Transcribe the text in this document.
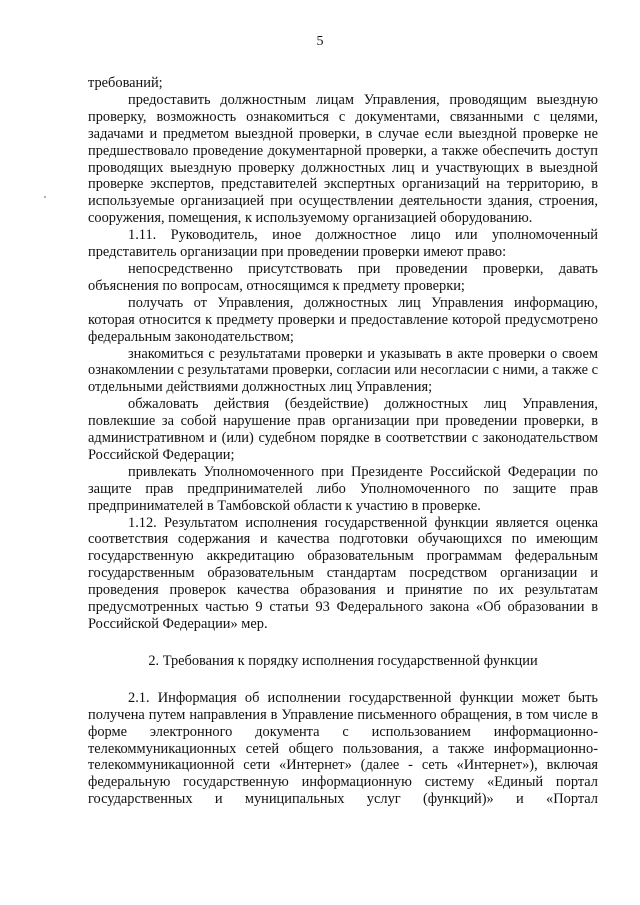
5

требований;

предоставить должностным лицам Управления, проводящим выездную проверку, возможность ознакомиться с документами, связанными с целями, задачами и предметом выездной проверки, в случае если выездной проверке не предшествовало проведение документарной проверки, а также обеспечить доступ проводящих выездную проверку должностных лиц и участвующих в выездной проверке экспертов, представителей экспертных организаций на территорию, в используемые организацией при осуществлении деятельности здания, строения, сооружения, помещения, к используемому организацией оборудованию.

1.11. Руководитель, иное должностное лицо или уполномоченный представитель организации при проведении проверки имеют право:

непосредственно присутствовать при проведении проверки, давать объяснения по вопросам, относящимся к предмету проверки;

получать от Управления, должностных лиц Управления информацию, которая относится к предмету проверки и предоставление которой предусмотрено федеральным законодательством;

знакомиться с результатами проверки и указывать в акте проверки о своем ознакомлении с результатами проверки, согласии или несогласии с ними, а также с отдельными действиями должностных лиц Управления;

обжаловать действия (бездействие) должностных лиц Управления, повлекшие за собой нарушение прав организации при проведении проверки, в административном и (или) судебном порядке в соответствии с законодательством Российской Федерации;

привлекать Уполномоченного при Президенте Российской Федерации по защите прав предпринимателей либо Уполномоченного по защите прав предпринимателей в Тамбовской области к участию в проверке.

1.12. Результатом исполнения государственной функции является оценка соответствия содержания и качества подготовки обучающихся по имеющим государственную аккредитацию образовательным программам федеральным государственным образовательным стандартам посредством организации и проведения проверок качества образования и принятие по их результатам предусмотренных частью 9 статьи 93 Федерального закона «Об образовании в Российской Федерации» мер.

2. Требования к порядку исполнения государственной функции

2.1. Информация об исполнении государственной функции может быть получена путем направления в Управление письменного обращения, в том числе в форме электронного документа с использованием информационно-телекоммуникационных сетей общего пользования, а также информационно-телекоммуникационной сети «Интернет» (далее - сеть «Интернет»), включая федеральную государственную информационную систему «Единый портал государственных и муниципальных услуг (функций)» и «Портал
